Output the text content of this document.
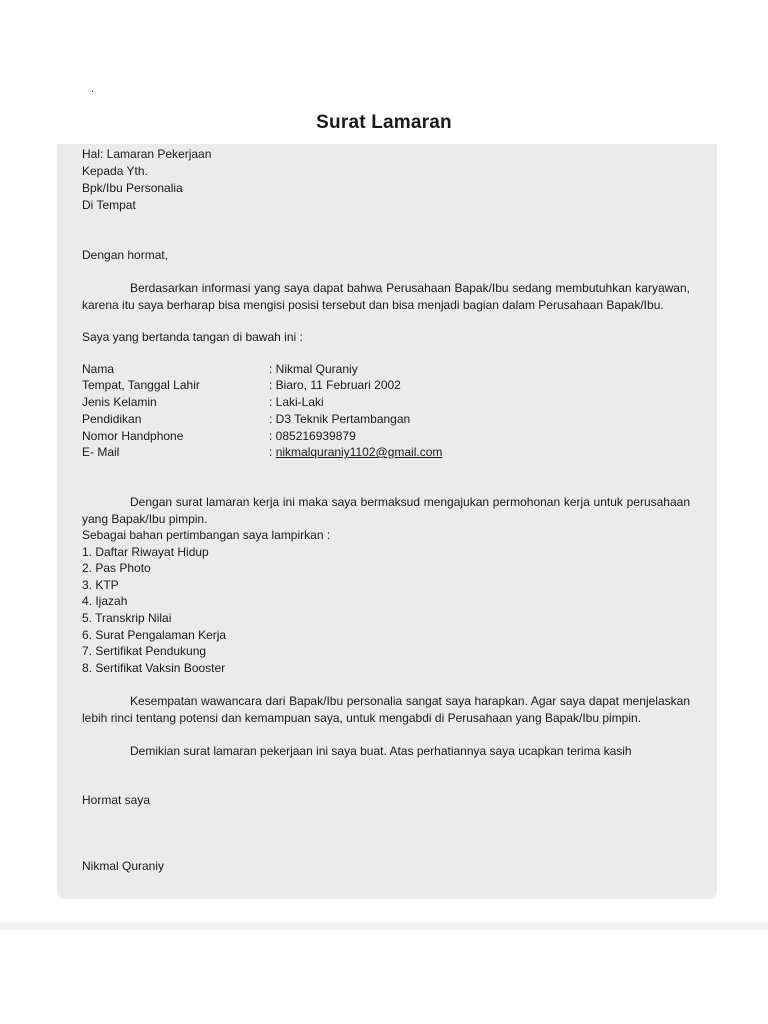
.
Surat Lamaran
Hal: Lamaran Pekerjaan
Kepada Yth.
Bpk/Ibu Personalia
Di Tempat
Dengan hormat,
Berdasarkan informasi yang saya dapat bahwa Perusahaan Bapak/Ibu sedang membutuhkan karyawan, karena itu saya berharap bisa mengisi posisi tersebut dan bisa menjadi bagian dalam Perusahaan Bapak/Ibu.
Saya yang bertanda tangan di bawah ini :
Nama	: Nikmal Quraniy
Tempat, Tanggal Lahir	: Biaro, 11 Februari 2002
Jenis Kelamin	: Laki-Laki
Pendidikan	: D3 Teknik Pertambangan
Nomor Handphone	: 085216939879
E- Mail	: nikmalquraniy1102@gmail.com
Dengan surat lamaran kerja ini maka saya bermaksud mengajukan permohonan kerja untuk perusahaan yang Bapak/Ibu pimpin.
Sebagai bahan pertimbangan saya lampirkan :
1. Daftar Riwayat Hidup
2. Pas Photo
3. KTP
4. Ijazah
5. Transkrip Nilai
6. Surat Pengalaman Kerja
7. Sertifikat Pendukung
8. Sertifikat Vaksin Booster
Kesempatan wawancara dari Bapak/Ibu personalia sangat saya harapkan. Agar saya dapat menjelaskan lebih rinci tentang potensi dan kemampuan saya, untuk mengabdi di Perusahaan yang Bapak/Ibu pimpin.
Demikian surat lamaran pekerjaan ini saya buat. Atas perhatiannya saya ucapkan terima kasih
Hormat saya
Nikmal Quraniy
